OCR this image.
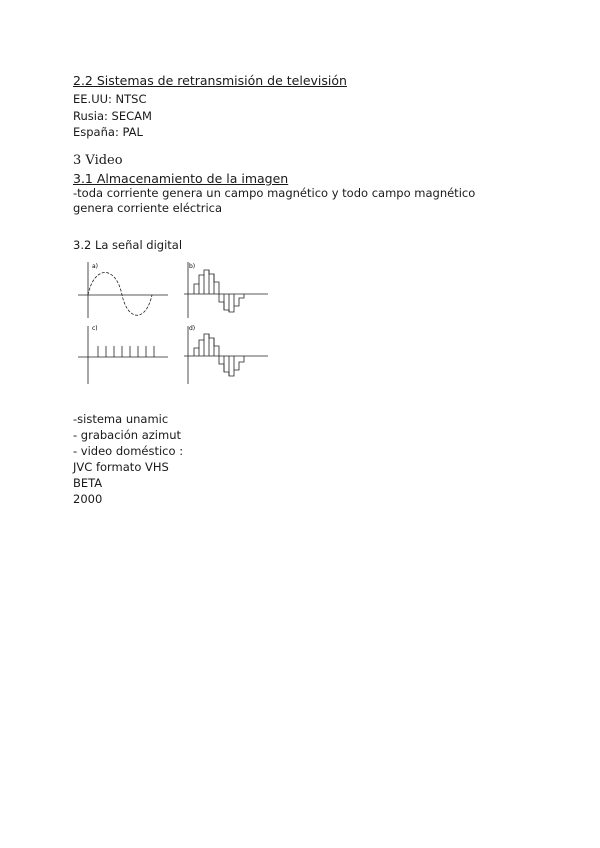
2.2 Sistemas de retransmisión de televisión
EE.UU: NTSC
Rusia: SECAM
España: PAL
3 Video
3.1 Almacenamiento de la imagen
-toda corriente genera un campo magnético y todo campo magnético genera corriente eléctrica
3.2 La señal digital
a)	b)
c)	d)
-sistema unamic
- grabación azimut
- video doméstico :
JVC formato VHS
BETA
2000
